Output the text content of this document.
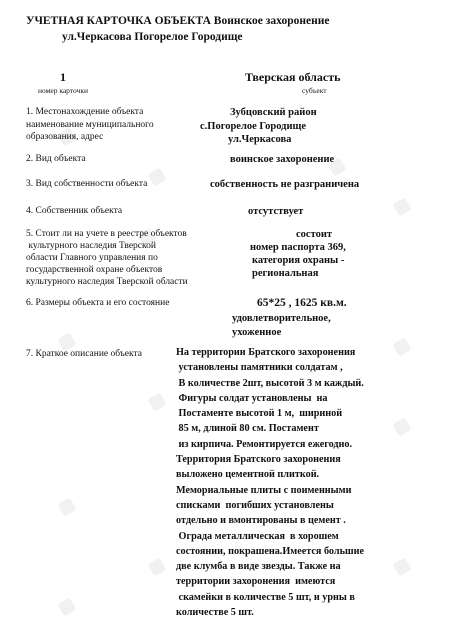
УЧЕТНАЯ КАРТОЧКА ОБЪЕКТА Воинское захоронение
ул.Черкасова Погорелое Городище
1
номер карточки
Тверская область
субъект
1. Местонахождение объекта
наименование муниципального
образования, адрес
Зубцовский район
с.Погорелое Городище
ул.Черкасова
2. Вид объекта	воинское захоронение
3. Вид собственности объекта	собственность не разграничена
4. Собственник объекта	отсутствует
5. Стоит ли на учете в реестре объектов
культурного наследия Тверской
области Главного управления по
государственной охране объектов
культурного наследия Тверской области
состоит
номер паспорта 369,
категория охраны -
региональная
6. Размеры объекта и его состояние	65*25 , 1625 кв.м.
удовлетворительное,
ухоженное
7. Краткое описание объекта	На территории Братского захоронения
установлены памятники солдатам ,
В количестве 2шт, высотой 3 м каждый.
Фигуры солдат установлены  на
Постаменте высотой 1 м,  шириной
85 м, длиной 80 см. Постамент
из кирпича. Ремонтируется ежегодно.
Территория Братского захоронения
выложено цементной плиткой.
Мемориальные плиты с поименными
списками  погибших установлены
отдельно и вмонтированы в цемент .
Ограда металлическая  в хорошем
состоянии, покрашена.Имеется большие
две клумба в виде звезды. Также на
территории захоронения  имеются
скамейки в количестве 5 шт, и урны в
количестве 5 шт.
